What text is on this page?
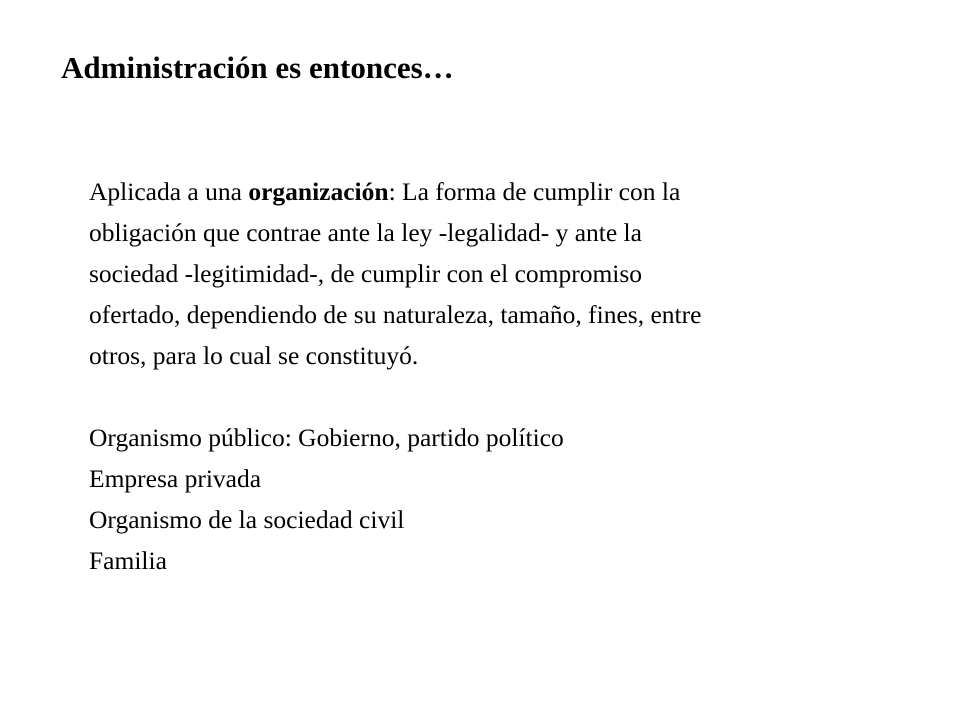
Administración es entonces…

Aplicada a una organización: La forma de cumplir con la
obligación que contrae ante la ley -legalidad- y ante la
sociedad -legitimidad-, de cumplir con el compromiso
ofertado, dependiendo de su naturaleza, tamaño, fines, entre
otros, para lo cual se constituyó.

Organismo público: Gobierno, partido político

Empresa privada

Organismo de la sociedad civil

Familia
